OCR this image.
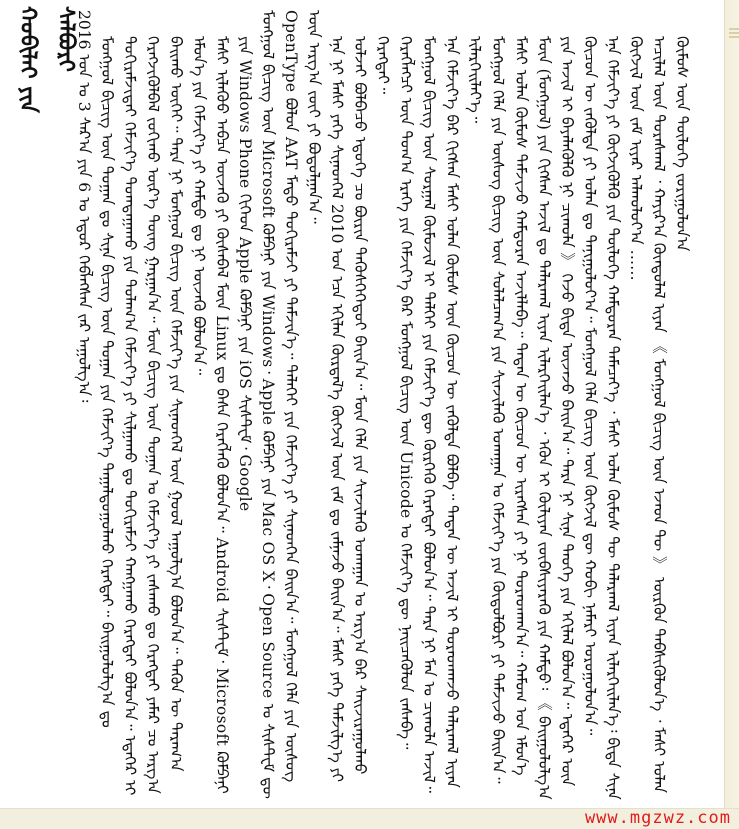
ᠬᠤᠪᠢᠯᠠᠢ ᠶᠢᠨ ᠰᠠᠯᠪᠤᠷᠢ

2016 ᠣᠨ ᠤ 3 ᠰᠠᠷ᠎ᠠ ᠶᠢᠨ 6 ᠤ ᠡᠳᠦᠷ ᠬᠡᠪᠯᠡᠭᠰᠡᠨ ᠵᠠᠷ ᠠᠭᠤᠯᠭ᠎ᠠ᠄ ᠮᠣᠩᠭᠣᠯ ᠪᠢᠴᠢᠭ ᠦᠨ ᠲᠣᠭᠠᠨ ᠳᠤ ᠰᠢᠨᠡ ᠪᠢᠴᠢᠭ ᠦᠨ ᠲᠣᠭᠠᠨ ᠶᠢᠨ ᠬᠡᠮᠵᠢᠶ᠎ᠡ ᠳᠠᠭᠠᠯᠳᠤᠭᠤᠯᠬᠤ ᠬᠡᠷᠡᠭᠲᠡᠢ᠃ ᠪᠠᠢᠭᠤᠯᠤᠯᠭ᠎ᠠ ᠳᠤ ᠲᠣᠬᠢᠷᠠᠮᠵᠢᠲᠠᠢ ᠬᠡᠮᠵᠢᠶ᠎ᠡ ᠲᠣᠭᠲᠠᠭᠠᠬᠤ ᠶᠢᠨ ᠲᠤᠯᠠᠭ᠎ᠠ ᠬᠡᠮᠵᠢᠶ᠎ᠡ ᠶᠢ ᠰᠢᠯᠭᠠᠬᠤ ᠳᠤ ᠲᠣᠬᠢᠷᠠᠮᠵᠢ ᠬᠠᠩᠭᠠᠬᠤ ᠬᠡᠷᠡᠭᠲᠡᠢ ᠪᠣᠯᠤᠨ᠎ᠠ᠃ ᠡᠳᠡᠭᠡᠷ ᠢ ᠬᠡᠷᠡᠭᠵᠢᠭᠦᠯᠪᠡᠯ ᠵᠣᠬᠢᠬᠤ ᠦᠷ᠎ᠡ ᠳᠦᠩ ᠭᠠᠷᠭᠠᠨ᠎ᠠ᠃ ᠮᠥᠨ ᠪᠢᠴᠢᠭ ᠦᠨ ᠲᠣᠭᠠᠨ ᠤ ᠬᠡᠮᠵᠢᠶ᠎ᠡ ᠶᠢ ᠵᠠᠰᠠᠬᠤ ᠳᠤ ᠬᠡᠷᠡᠭᠲᠡᠢ ᠶᠠᠮᠠᠷ ᠴᠤ ᠠᠷᠭ᠎ᠠ ᠪᠠᠢᠬᠤ ᠦᠭᠡᠢ᠃ ᠲᠡᠷᠡ ᠨᠢ ᠮᠣᠩᠭᠣᠯ ᠪᠢᠴᠢᠭ ᠦᠨ ᠬᠡᠮᠵᠢᠶ᠎ᠡ ᠶᠢᠨ ᠰᠢᠨᠡᠳᠭᠡᠯ ᠦᠨ ᠭᠣᠣᠯ ᠠᠭᠤᠯᠭ᠎ᠠ ᠪᠣᠯᠤᠨ᠎ᠠ᠃ ᠲᠡᠭᠦᠨ ᠦ ᠳᠠᠷᠠᠭ᠎ᠠ ᠡᠮᠦᠨ᠎ᠡ ᠶᠢᠨ ᠬᠡᠮᠵᠢᠶ᠎ᠡ ᠶᠢ ᠬᠠᠮᠲᠤ ᠳᠤ ᠨᠢ ᠦᠵᠡᠬᠦ ᠪᠣᠯᠤᠨ᠎ᠠ᠃ ᠮᠠᠰᠢ ᠢᠯᠡᠭᠦᠦ ᠠᠪᠴᠠ ᠦᠵᠡᠬᠦ ᠶᠢ ᠬᠦᠰᠡᠪᠡᠯ ᠮᠥᠨ Linux ᠳᠤ ᠪᠠᠰᠠ ᠬᠡᠷᠡᠭᠯᠡᠬᠦ ᠪᠣᠯᠤᠨ᠎ᠠ᠃ Android ᠰᠢᠰᠲ᠋ᠧᠮ᠂ Microsoft ᠺᠣᠮᠫᠠᠨᠢ ᠶᠢᠨ Windows Phone ᠬᠢᠭᠡᠳ Apple ᠺᠣᠮᠫᠠᠨᠢ ᠶᠢᠨ iOS ᠰᠢᠰᠲ᠋ᠧᠮ᠂ Google ᠮᠣᠩᠭᠣᠯ ᠪᠢᠴᠢᠭ ᠦᠨ Microsoft ᠺᠣᠮᠫᠠᠨᠢ ᠶᠢᠨ Windows᠂ Apple ᠺᠣᠮᠫᠠᠨᠢ ᠶᠢᠨ Mac OS X᠂ Open Source ᠤ ᠰᠢᠰᠲ᠋ᠧᠮ ᠳᠦ OpenType ᠪᠣᠯᠤᠨ AAT ᠮᠡᠲᠦ ᠲᠣᠬᠢᠷᠠᠮᠵᠢ ᠶᠢ ᠳᠡᠮᠵᠢᠨ᠎ᠡ᠃ ᠳᠡᠯᠡᠬᠡᠢ ᠶᠢᠨ ᠬᠡᠮᠵᠢᠶ᠎ᠡ ᠶᠢ ᠰᠢᠨᠡᠳᠭᠡᠨ ᠪᠠᠢᠨ᠎ᠠ᠃ ᠮᠣᠩᠭᠣᠯ ᠬᠡᠯᠡ ᠶᠢᠨ ᠦᠰᠦᠭ ᠦᠨ ᠠᠷᠭ᠎ᠠ ᠵᠦᠢ ᠶᠢ ᠪᠣᠳᠣᠯᠭᠠᠨ᠎ᠠ᠃ ᠡᠨᠡ ᠨᠢ ᠮᠠᠰᠢ ᠶᠡᠬᠡ ᠰᠢᠨᠡᠳᠬᠡᠯ 2010 ᠣᠨ ᠡᠴᠡ ᠡᠬᠢᠯᠡᠨ ᠬᠦᠷᠲᠡᠯ᠎ᠡ ᠬᠥᠭᠵᠢᠯ ᠦᠨ ᠵᠠᠮ ᠳᠤ ᠵᠠᠮᠨᠠᠵᠤ ᠪᠠᠢᠨ᠎ᠠ᠃ ᠮᠠᠰᠢ ᠶᠡᠬᠡ ᠳᠡᠮᠵᠢᠯᠭ᠎ᠡ ᠶᠢ ᠣᠯᠵᠠᠢ ᠪᠣᠯᠪᠠᠴᠤ ᠡᠳᠦᠭᠡ ᠴᠤ ᠪᠦᠷᠢᠨ ᠳᠡᠭᠦᠰᠭᠡᠭᠡᠳᠦᠢ ᠪᠠᠢᠨ᠎ᠠ᠃ ᠮᠥᠨ ᠬᠡᠯᠡ ᠶᠢᠨ ᠰᠢᠨᠵᠢᠯᠡᠬᠦ ᠤᠬᠠᠭᠠᠨ ᠤ ᠠᠷᠭ᠎ᠠ ᠪᠠᠷ ᠰᠠᠢᠵᠢᠷᠠᠭᠤᠯᠬᠤ ᠬᠡᠷᠡᠭᠲᠡᠢ᠃ ᠬᠡᠷᠡᠭᠯᠡᠭᠴᠢ ᠦᠨ ᠲᠣᠭ᠎ᠠ ᠡᠷᠡᠭᠡ ᠶᠢᠨ ᠬᠡᠮᠵᠢᠶ᠎ᠡ ᠪᠠᠷ ᠮᠣᠩᠭᠣᠯ ᠪᠢᠴᠢᠭ ᠦᠨ Unicode ᠤ ᠬᠡᠮᠵᠢᠶ᠎ᠡ ᠳᠦ ᠨᠡᠢᠴᠡᠭᠦᠯᠦᠨ ᠵᠠᠰᠠᠪᠠ᠃ ᠮᠣᠩᠭᠣᠯ ᠪᠢᠴᠢᠭ ᠦᠨ ᠰᠤᠷᠭᠠᠯ ᠬᠦᠮᠦᠵᠢᠯ ᠢ ᠳᠡᠯᠬᠡᠢ ᠶᠢᠨ ᠬᠡᠮᠵᠢᠶ᠎ᠡ ᠳᠦ ᠬᠦᠷᠭᠡᠬᠦ ᠬᠡᠷᠡᠭᠲᠡᠢ ᠪᠣᠯᠤᠨ᠎ᠠ᠃ ᠲᠡᠷᠡ ᠨᠢ ᠮᠠᠨ ᠤ ᠴᠢᠬᠤᠯᠠ ᠠᠵᠢᠯ᠃ ᠡᠨᠡ ᠬᠡᠮᠵᠢᠶ᠎ᠡ ᠪᠡᠷ ᠬᠢᠭᠰᠡᠨ ᠮᠠᠰᠢ ᠤᠯᠠᠨ ᠬᠦᠮᠦᠰ ᠦᠨ ᠬᠦᠴᠦᠨ ᠦ ᠵᠡᠭᠦᠯᠳᠡ ᠪᠣᠯᠪᠠ᠃ ᠲᠡᠳᠡᠨ ᠦ ᠠᠵᠢᠯ ᠢ ᠳᠤᠷᠠᠳᠬᠠᠵᠤ ᠲᠠᠯᠠᠷᠬᠠᠯ ᠢᠶᠡᠨ ᠢᠯᠡᠷᠬᠡᠢᠯᠡᠶ᠎ᠡ᠃ ᠮᠣᠩᠭᠣᠯ ᠬᠡᠯᠡ ᠶᠢᠨ ᠦᠰᠦᠭ ᠪᠢᠴᠢᠭ ᠦᠨ ᠰᠤᠯᠠᠯᠴᠠᠭ᠎ᠠ ᠶᠢᠨ ᠰᠢᠨᠵᠢᠯᠡᠬᠦ ᠤᠬᠠᠭᠠᠨ ᠤ ᠬᠡᠮᠵᠢᠶ᠎ᠡ ᠶᠢᠨ ᠬᠥᠲᠦᠯᠪᠦᠷᠢ ᠶᠢ ᠳᠡᠮᠵᠢᠵᠦ ᠪᠠᠢᠨ᠎ᠠ᠃ ᠮᠠᠰᠢ ᠤᠯᠠᠨ ᠬᠦᠮᠦᠰ ᠳᠡᠮᠵᠢᠵᠦ ᠬᠠᠮᠲᠤᠷᠠᠨ ᠠᠵᠢᠯᠯᠠᠪᠠ᠃ ᠲᠡᠳᠡᠨ ᠦ ᠬᠦᠴᠦᠨ ᠦ ᠢᠷᠡᠭᠰᠡᠨ ᠶᠢ ᠨᠢ ᠳᠤᠷᠠᠳᠬᠠᠨ᠎ᠠ᠃ ᠬᠠᠮᠤᠭ ᠤᠨ ᠡᠮᠦᠨ᠎ᠡ ᠮᠥᠨ (ᠮᠣᠩᠭᠣᠯ) ᠶᠢᠨ ᠬᠢᠭᠰᠡᠨ ᠠᠵᠢᠯ ᠳᠤ ᠲᠠᠯᠠᠷᠬᠠᠯ ᠢᠶᠡᠨ ᠢᠯᠡᠷᠬᠡᠢᠯᠡᠨ᠎ᠡ ᠂ ᠡᠭᠦᠨ ᠢ ᠬᠦᠯᠢᠶᠡᠨ ᠵᠥᠪᠰᠢᠶᠡᠷᠡᠬᠦ ᠶᠢᠨ ᠬᠠᠮᠲᠤ᠄ 《 ᠪᠠᠢᠭᠤᠯᠤᠯᠭ᠎ᠠ ᠶᠢᠨ ᠠᠵᠢᠯ ᠢ ᠪᠡᠶᠡᠯᠡᠭᠦᠯᠬᠦ ᠨᠢ ᠴᠢᠬᠤᠯᠠ 》 ᠭᠡᠵᠦ ᠪᠢᠳᠡ ᠦᠵᠡᠵᠦ ᠪᠠᠢᠨ᠎ᠠ᠃ ᠲᠡᠷᠡ ᠨᠢ ᠰᠢᠨᠡ ᠲᠡᠦᠬᠡ ᠶᠢᠨ ᠡᠬᠢᠯᠡᠯ ᠪᠣᠯᠤᠨ᠎ᠠ᠃ ᠡᠳᠡᠭᠡᠷ ᠦᠨ ᠬᠦᠴᠦᠨ ᠦ ᠵᠡᠭᠦᠯᠳᠡ ᠶᠢ ᠣᠯᠠᠨ ᠳᠤ ᠲᠠᠨᠢᠭᠤᠯᠤᠶ᠎ᠠ᠃ ᠮᠣᠩᠭᠣᠯ ᠬᠡᠯᠡ ᠪᠢᠴᠢᠭ ᠦᠨ ᠬᠥᠭᠵᠢᠯ ᠳᠦ ᠬᠤᠪᠢ ᠨᠡᠮᠡᠷᠢ ᠣᠷᠣᠭᠤᠯᠤᠨ᠎ᠠ᠃ ᠡᠨᠡ ᠬᠡᠮᠵᠢᠶ᠎ᠡ ᠶᠢ ᠬᠥᠭᠵᠢᠭᠦᠯᠬᠦ ᠶᠢᠨ ᠲᠥᠯᠦᠭᠡ ᠬᠠᠮᠲᠤᠷᠠᠨ ᠲᠡᠮᠡᠴᠡᠶ᠎ᠡ ᠂ ᠮᠠᠰᠢ ᠤᠯᠠᠨ ᠬᠦᠮᠦᠰ ᠲᠦ ᠲᠠᠯᠠᠷᠬᠠᠯ ᠢᠶᠡᠨ ᠢᠯᠡᠷᠬᠡᠢᠯᠡᠨ᠎ᠡ᠄ ᠪᠢᠳᠡ ᠰᠢᠨᠡ ᠬᠥᠭᠵᠢᠯ ᠦᠨ ᠵᠠᠮ ᠢᠶᠠᠷ ᠠᠯᠬᠤᠯᠤᠶ᠎ᠠ …… ᠠᠴᠢᠯᠠᠯ ᠦᠨ ᠳᠤᠷᠠᠰᠬᠠᠯ ᠂ ᠬᠠᠶᠢᠷ᠎ᠠ ᠬᠦᠨᠳᠦᠯᠡᠯ ᠢᠶᠡᠨ 《 ᠮᠣᠩᠭᠣᠯ ᠪᠢᠴᠢᠭ ᠦᠨ ᠡᠵᠡᠳ ᠲᠦ 》 ᠥᠷᠭᠥᠨ ᠳᠡᠪᠰᠢᠭᠦᠯᠦᠨ᠎ᠡ ᠂ ᠮᠠᠰᠢ ᠤᠯᠠᠨ ᠬᠥᠮᠦᠰ ᠦᠨ ᠲᠥᠯᠦᠭᠡ ᠵᠣᠷᠢᠭᠤᠯᠤᠨ᠎ᠠ

www.mgzwz.com
